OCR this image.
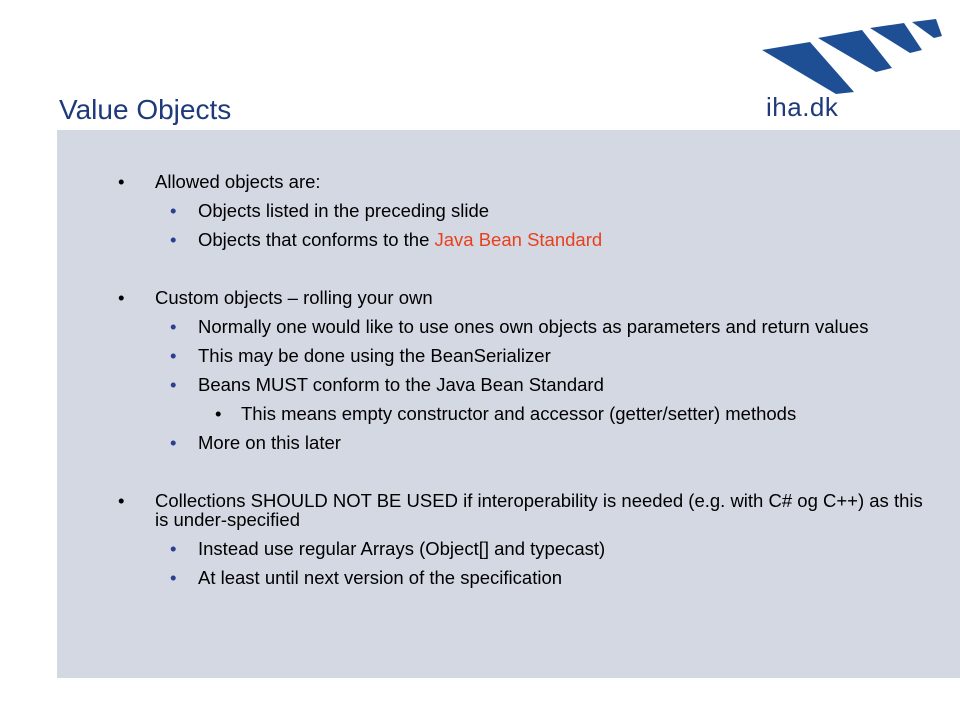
Value Objects	iha.dk
• Allowed objects are:
• Objects listed in the preceding slide
• Objects that conforms to the Java Bean Standard
• Custom objects – rolling your own
• Normally one would like to use ones own objects as parameters and return values
• This may be done using the BeanSerializer
• Beans MUST conform to the Java Bean Standard
• This means empty constructor and accessor (getter/setter) methods
• More on this later
• Collections SHOULD NOT BE USED if interoperability is needed (e.g. with C# og C++) as this is under-specified
• Instead use regular Arrays (Object[] and typecast)
• At least until next version of the specification
